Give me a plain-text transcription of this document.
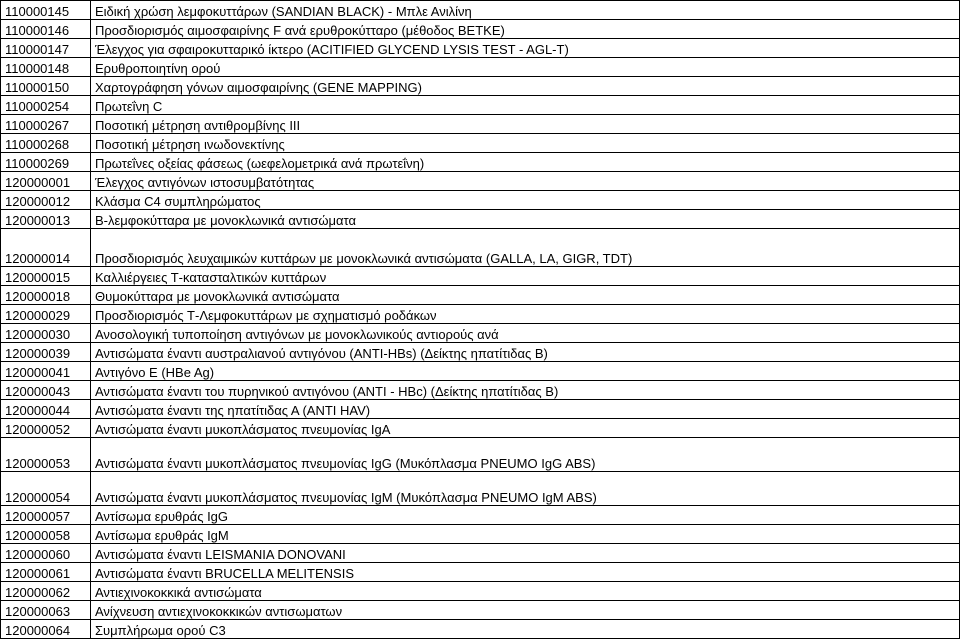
110000145	Ειδική χρώση λεμφοκυττάρων (SANDIAN BLACK) - Μπλε Ανιλίνη
110000146	Προσδιορισμός αιμοσφαιρίνης F ανά ερυθροκύτταρο (μέθοδος BETKE)
110000147	Έλεγχος για σφαιροκυτταρικό ίκτερο (ACITIFIED GLYCEND LYSIS TEST - AGL-T)
110000148	Ερυθροποιητίνη ορού
110000150	Χαρτογράφηση γόνων αιμοσφαιρίνης (GENE MAPPING)
110000254	Πρωτεΐνη C
110000267	Ποσοτική μέτρηση αντιθρομβίνης ΙΙΙ
110000268	Ποσοτική μέτρηση ινωδονεκτίνης
110000269	Πρωτεΐνες οξείας φάσεως (ωεφελομετρικά ανά πρωτεΐνη)
120000001	Έλεγχος αντιγόνων ιστοσυμβατότητας
120000012	Κλάσμα C4 συμπληρώματος
120000013	Β-λεμφοκύτταρα με μονοκλωνικά αντισώματα
120000014	Προσδιορισμός λευχαιμικών κυττάρων με μονοκλωνικά αντισώματα (GALLA, LA, GIGR, TDT)
120000015	Καλλιέργειες Τ-κατασταλτικών κυττάρων
120000018	Θυμοκύτταρα με μονοκλωνικά αντισώματα
120000029	Προσδιορισμός Τ-Λεμφοκυττάρων με σχηματισμό ροδάκων
120000030	Ανοσολογική τυποποίηση αντιγόνων με μονοκλωνικούς αντιορούς ανά
120000039	Αντισώματα έναντι αυστραλιανού αντιγόνου (ANTI-HBs) (Δείκτης ηπατίτιδας Β)
120000041	Αντιγόνο Ε (HBe Ag)
120000043	Αντισώματα έναντι του πυρηνικού αντιγόνου (ANTI - HBc) (Δείκτης ηπατίτιδας Β)
120000044	Αντισώματα έναντι της ηπατίτιδας Α (ANTI HAV)
120000052	Αντισώματα έναντι μυκοπλάσματος πνευμονίας IgA
120000053	Αντισώματα έναντι μυκοπλάσματος πνευμονίας IgG (Μυκόπλασμα PNEUMO IgG ABS)
120000054	Αντισώματα έναντι μυκοπλάσματος πνευμονίας IgM (Μυκόπλασμα PNEUMO IgM ABS)
120000057	Αντίσωμα ερυθράς IgG
120000058	Αντίσωμα ερυθράς IgM
120000060	Αντισώματα έναντι LEISMANIA DONOVANI
120000061	Αντισώματα έναντι BRUCELLA MELITENSIS
120000062	Αντιεχινοκοκκικά αντισώματα
120000063	Ανίχνευση αντιεχινοκοκκικών αντισωματων
120000064	Συμπλήρωμα ορού C3
